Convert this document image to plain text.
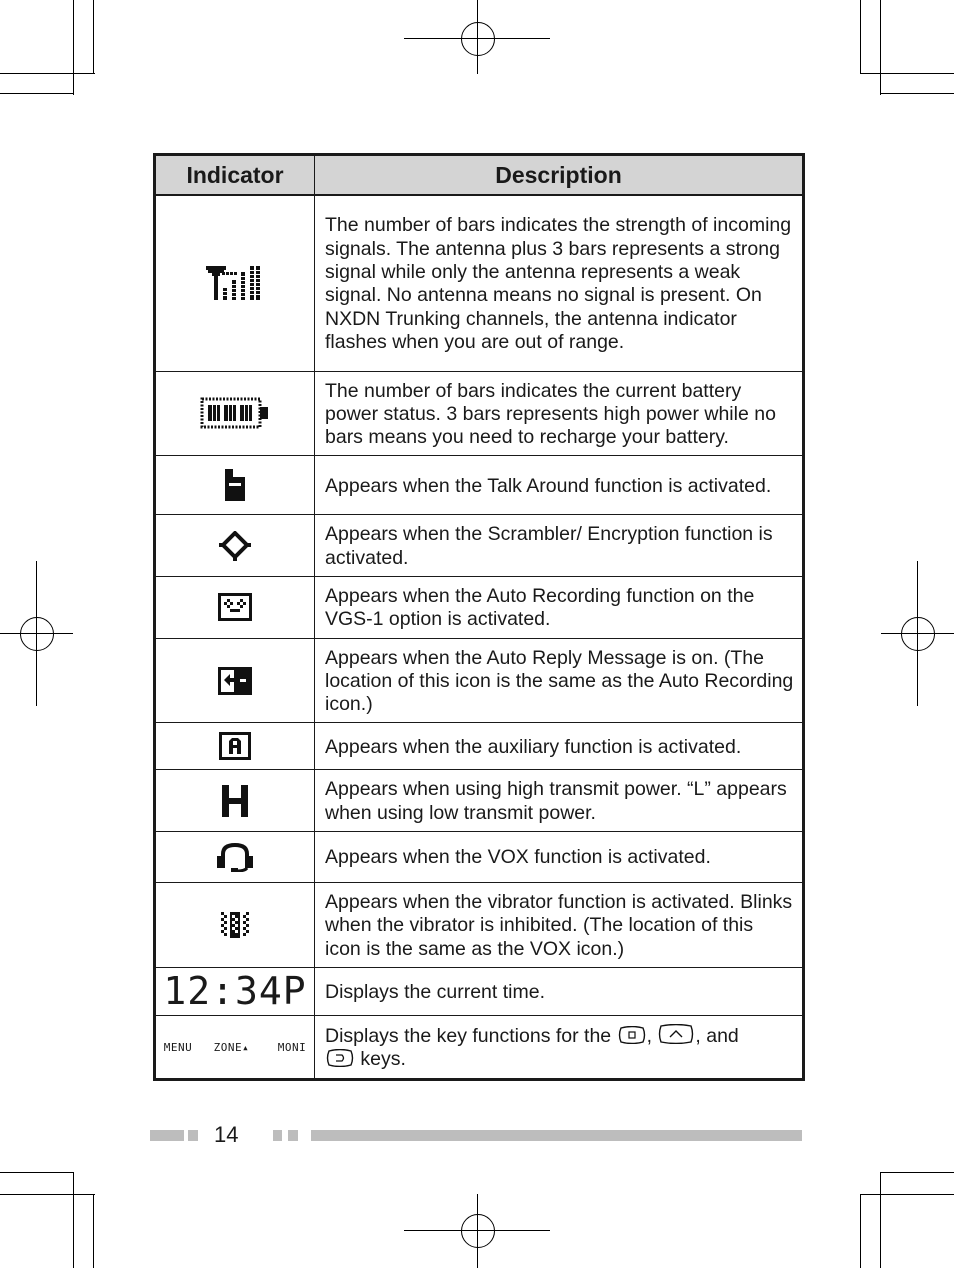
Indicator	Description
	The number of bars indicates the strength of incoming signals. The antenna plus 3 bars represents a strong signal while only the antenna represents a weak signal. No antenna means no signal is present. On NXDN Trunking channels, the antenna indicator flashes when you are out of range.
	The number of bars indicates the current battery power status. 3 bars represents high power while no bars means you need to recharge your battery.
	Appears when the Talk Around function is activated.
	Appears when the Scrambler/ Encryption function is activated.
	Appears when the Auto Recording function on the VGS-1 option is activated.
	Appears when the Auto Reply Message is on. (The location of this icon is the same as the Auto Recording icon.)
	Appears when the auxiliary function is activated.
	Appears when using high transmit power. “L” appears when using low transmit power.
	Appears when the VOX function is activated.
	Appears when the vibrator function is activated. Blinks when the vibrator is inhibited. (The location of this icon is the same as the VOX icon.)
12:34P	Displays the current time.
MENU ZONE▴ MONI	Displays the key functions for the , , and
keys.
14
